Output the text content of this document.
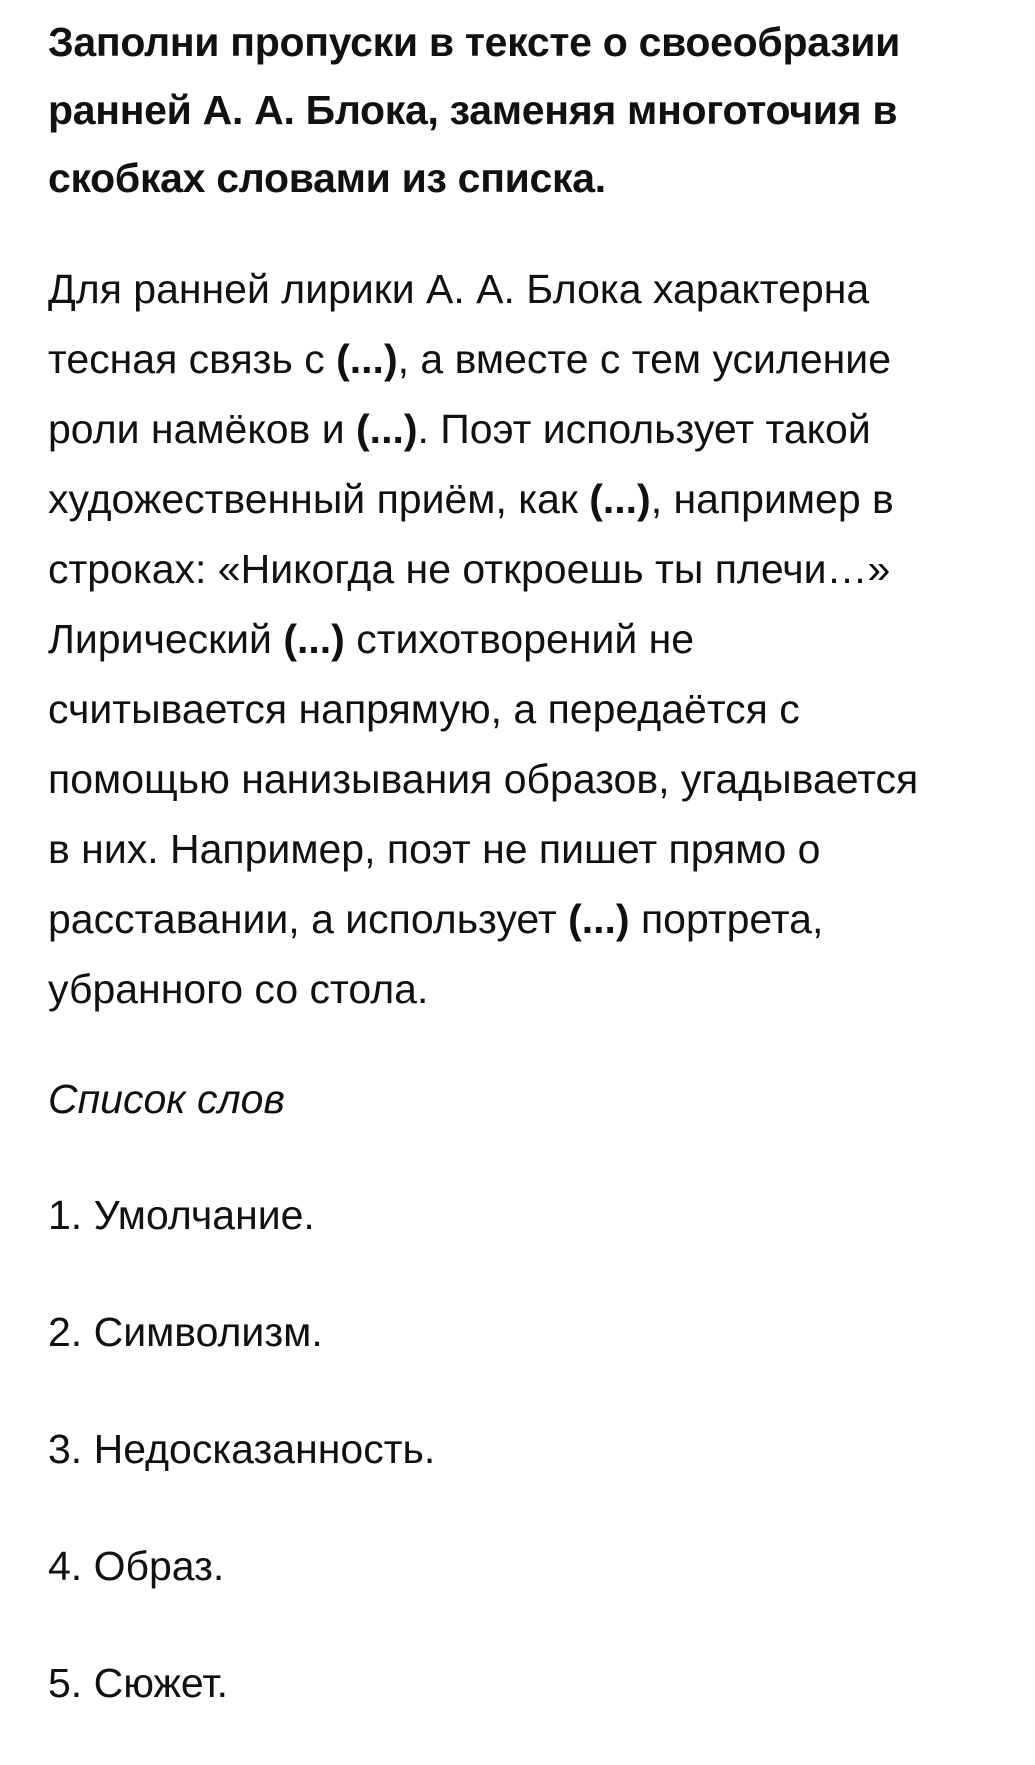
Заполни пропуски в тексте о своеобразии
ранней А. А. Блока, заменяя многоточия в
скобках словами из списка.

Для ранней лирики А. А. Блока характерна
тесная связь с (...), а вместе с тем усиление
роли намёков и (...). Поэт использует такой
художественный приём, как (...), например в
строках: «Никогда не откроешь ты плечи…»
Лирический (...) стихотворений не
считывается напрямую, а передаётся с
помощью нанизывания образов, угадывается
в них. Например, поэт не пишет прямо о
расставании, а использует (...) портрета,
убранного со стола.

Список слов
1. Умолчание.
2. Символизм.
3. Недосказанность.
4. Образ.
5. Сюжет.
